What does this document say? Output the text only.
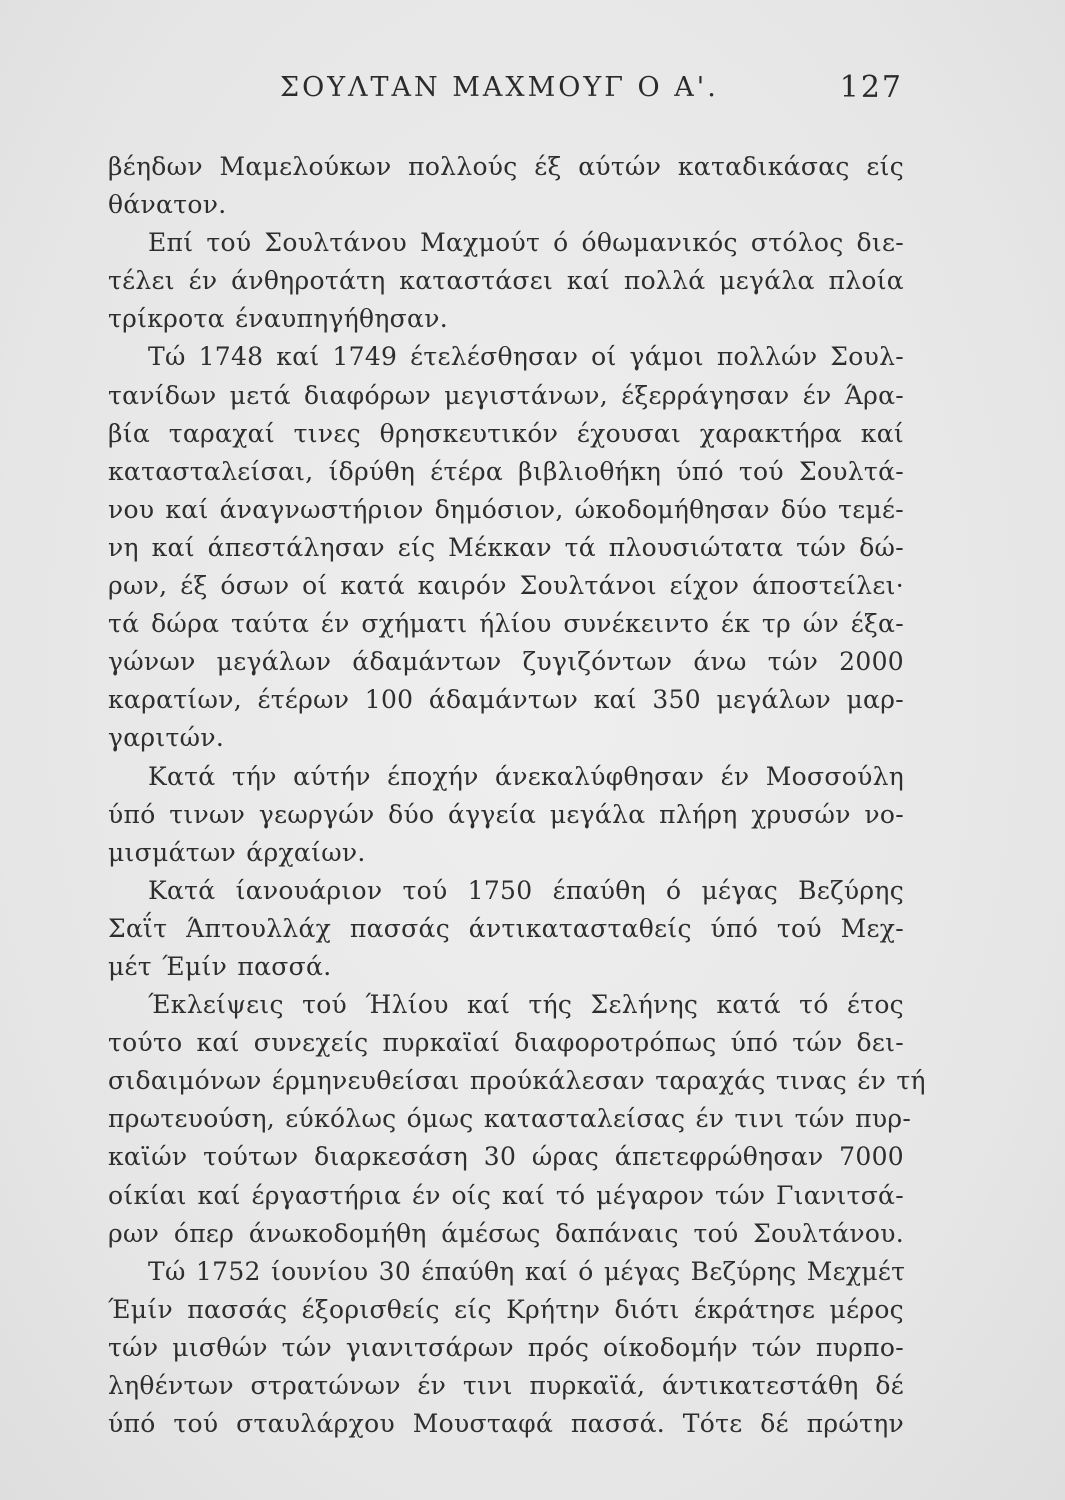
ΣΟΥΛΤΑΝ ΜΑΧΜΟΥΓ Ο Α'.	127
βέηδων Μαμελούκων πολλούς έξ αύτών καταδικάσας είς
θάνατον.
Επί τού Σουλτάνου Μαχμούτ ό όθωμανικός στόλος διε-
τέλει έν άνθηροτάτη καταστάσει καί πολλά μεγάλα πλοία
τρίκροτα έναυπηγήθησαν.
Τώ 1748 καί 1749 έτελέσθησαν οί γάμοι πολλών Σουλ-
τανίδων μετά διαφόρων μεγιστάνων, έξερράγησαν έν Άρα-
βία ταραχαί τινες θρησκευτικόν έχουσαι χαρακτήρα καί
κατασταλείσαι, ίδρύθη έτέρα βιβλιοθήκη ύπό τού Σουλτά-
νου καί άναγνωστήριον δημόσιον, ώκοδομήθησαν δύο τεμέ-
νη καί άπεστάλησαν είς Μέκκαν τά πλουσιώτατα τών δώ-
ρων, έξ όσων οί κατά καιρόν Σουλτάνοι είχον άποστείλει·
τά δώρα ταύτα έν σχήματι ήλίου συνέκειντο έκ τρ ών έξα-
γώνων μεγάλων άδαμάντων ζυγιζόντων άνω τών 2000
καρατίων, έτέρων 100 άδαμάντων καί 350 μεγάλων μαρ-
γαριτών.
Κατά τήν αύτήν έποχήν άνεκαλύφθησαν έν Μοσσούλη
ύπό τινων γεωργών δύο άγγεία μεγάλα πλήρη χρυσών νο-
μισμάτων άρχαίων.
Κατά ίανουάριον τού 1750 έπαύθη ό μέγας Βεζύρης
Σαΐτ Άπτουλλάχ πασσάς άντικατασταθείς ύπό τού Μεχ-
μέτ Έμίν πασσά.
Έκλείψεις τού Ήλίου καί τής Σελήνης κατά τό έτος
τούτο καί συνεχείς πυρκαϊαί διαφοροτρόπως ύπό τών δει-
σιδαιμόνων έρμηνευθείσαι προύκάλεσαν ταραχάς τινας έν τή
πρωτευούση, εύκόλως όμως κατασταλείσας έν τινι τών πυρ-
καϊών τούτων διαρκεσάση 30 ώρας άπετεφρώθησαν 7000
οίκίαι καί έργαστήρια έν οίς καί τό μέγαρον τών Γιανιτσά-
ρων όπερ άνωκοδομήθη άμέσως δαπάναις τού Σουλτάνου.
Τώ 1752 ίουνίου 30 έπαύθη καί ό μέγας Βεζύρης Μεχμέτ
Έμίν πασσάς έξορισθείς είς Κρήτην διότι έκράτησε μέρος
τών μισθών τών γιανιτσάρων πρός οίκοδομήν τών πυρπο-
ληθέντων στρατώνων έν τινι πυρκαϊά, άντικατεστάθη δέ
ύπό τού σταυλάρχου Μουσταφά πασσά. Τότε δέ πρώτην
